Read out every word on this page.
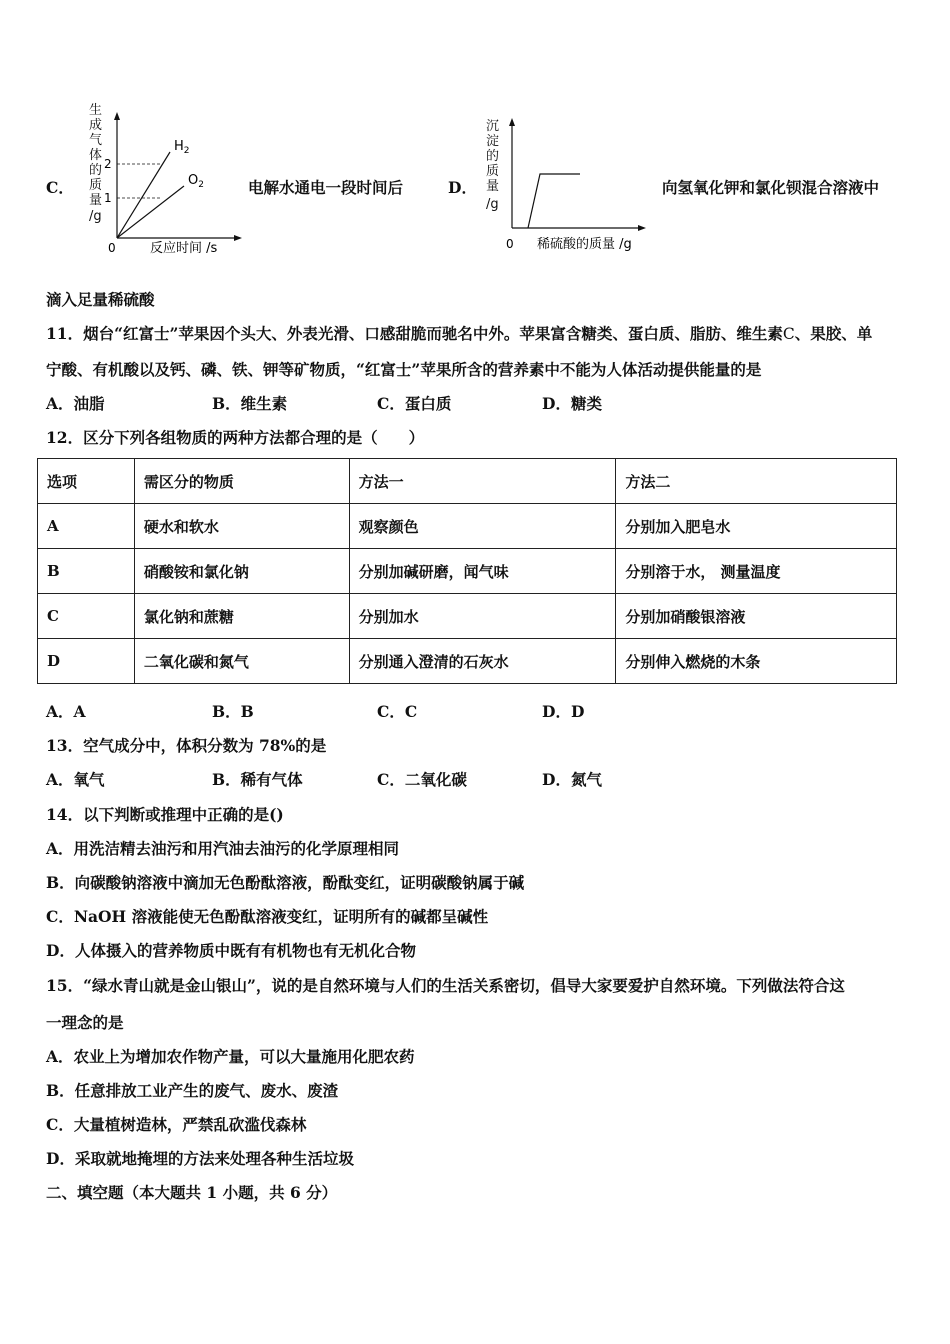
C．
生
成
气
体
的
质
量
/g
2
1
$H_2$
$O_2$
0	反应时间 /s
电解水通电一段时间后	D．
沉
淀
的
质
量
/g
0 稀硫酸的质量 /g
向氢氧化钾和氯化钡混合溶液中
滴入足量稀硫酸
11．烟台“红富士”苹果因个头大、外表光滑、口感甜脆而驰名中外。苹果富含糖类、蛋白质、脂肪、维生素C、果胶、单
宁酸、有机酸以及钙、磷、铁、钾等矿物质，“红富士”苹果所含的营养素中不能为人体活动提供能量的是
A．油脂	B．维生素	C．蛋白质	D．糖类
12．区分下列各组物质的两种方法都合理的是（　　）
选项	需区分的物质	方法一	方法二
A	硬水和软水	观察颜色	分别加入肥皂水
B	硝酸铵和氯化钠	分别加碱研磨，闻气味	分别溶于水， 测量温度
C	氯化钠和蔗糖	分别加水	分别加硝酸银溶液
D	二氧化碳和氮气	分别通入澄清的石灰水	分别伸入燃烧的木条
A．A	B．B	C．C	D．D
13．空气成分中，体积分数为 78%的是
A．氧气	B．稀有气体	C．二氧化碳	D．氮气
14．以下判断或推理中正确的是()
A．用洗洁精去油污和用汽油去油污的化学原理相同
B．向碳酸钠溶液中滴加无色酚酞溶液，酚酞变红，证明碳酸钠属于碱
C．NaOH 溶液能使无色酚酞溶液变红，证明所有的碱都呈碱性
D．人体摄入的营养物质中既有有机物也有无机化合物
15．“绿水青山就是金山银山”，说的是自然环境与人们的生活关系密切，倡导大家要爱护自然环境。下列做法符合这
一理念的是
A．农业上为增加农作物产量，可以大量施用化肥农药
B．任意排放工业产生的废气、废水、废渣
C．大量植树造林，严禁乱砍滥伐森林
D．采取就地掩埋的方法来处理各种生活垃圾
二、填空题（本大题共 1 小题，共 6 分）
